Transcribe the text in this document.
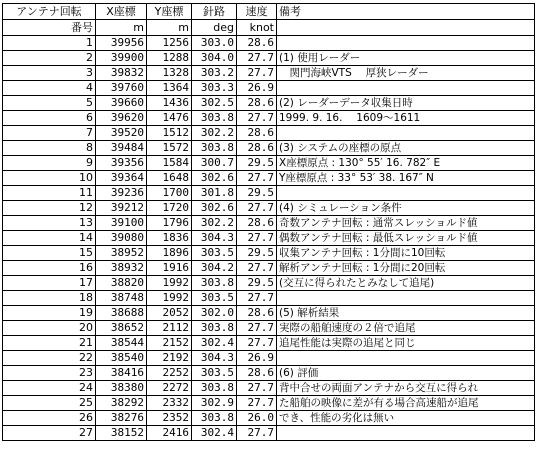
アンテナ回転	X座標	Y座標	針路	速度	備考
番号	m	m	deg	knot	
1	39956	1256	303.0	28.6	
2	39900	1288	304.0	27.7	(1) 使用レーダー
3	39832	1328	303.2	27.7	　関門海峡VTS　 厚狭レーダー
4	39760	1364	303.3	26.9	
5	39660	1436	302.5	28.6	(2) レーダーデータ収集日時
6	39620	1476	303.8	27.7	1999. 9. 16.　 1609～1611
7	39520	1512	302.2	28.6	
8	39484	1572	303.8	28.6	(3) システムの座標の原点
9	39356	1584	300.7	29.5	X座標原点 : 130° 55′ 16. 782″ E
10	39364	1648	302.6	27.7	Y座標原点 : 33° 53′ 38. 167″ N
11	39236	1700	301.8	29.5	
12	39212	1720	302.6	27.7	(4) シミュレーション条件
13	39100	1796	302.2	28.6	奇数アンテナ回転 : 通常スレッショルド値
14	39080	1836	304.3	27.7	偶数アンテナ回転 : 最低スレッショルド値
15	38952	1896	303.5	29.5	収集アンテナ回転 : 1分間に10回転
16	38932	1916	304.2	27.7	解析アンテナ回転 : 1分間に20回転
17	38820	1992	303.8	29.5	(交互に得られたとみなして追尾)
18	38748	1992	303.5	27.7	
19	38688	2052	302.0	28.6	(5) 解析結果
20	38652	2112	303.8	27.7	実際の船舶速度の２倍で追尾
21	38544	2152	302.4	27.7	追尾性能は実際の追尾と同じ
22	38540	2192	304.3	26.9	
23	38416	2252	303.5	28.6	(6) 評価
24	38380	2272	303.8	27.7	背中合せの両面アンテナから交互に得られ
25	38292	2332	302.9	27.7	た船舶の映像に差が有る場合高速船が追尾
26	38276	2352	303.8	26.0	でき、性能の劣化は無い
27	38152	2416	302.4	27.7	
